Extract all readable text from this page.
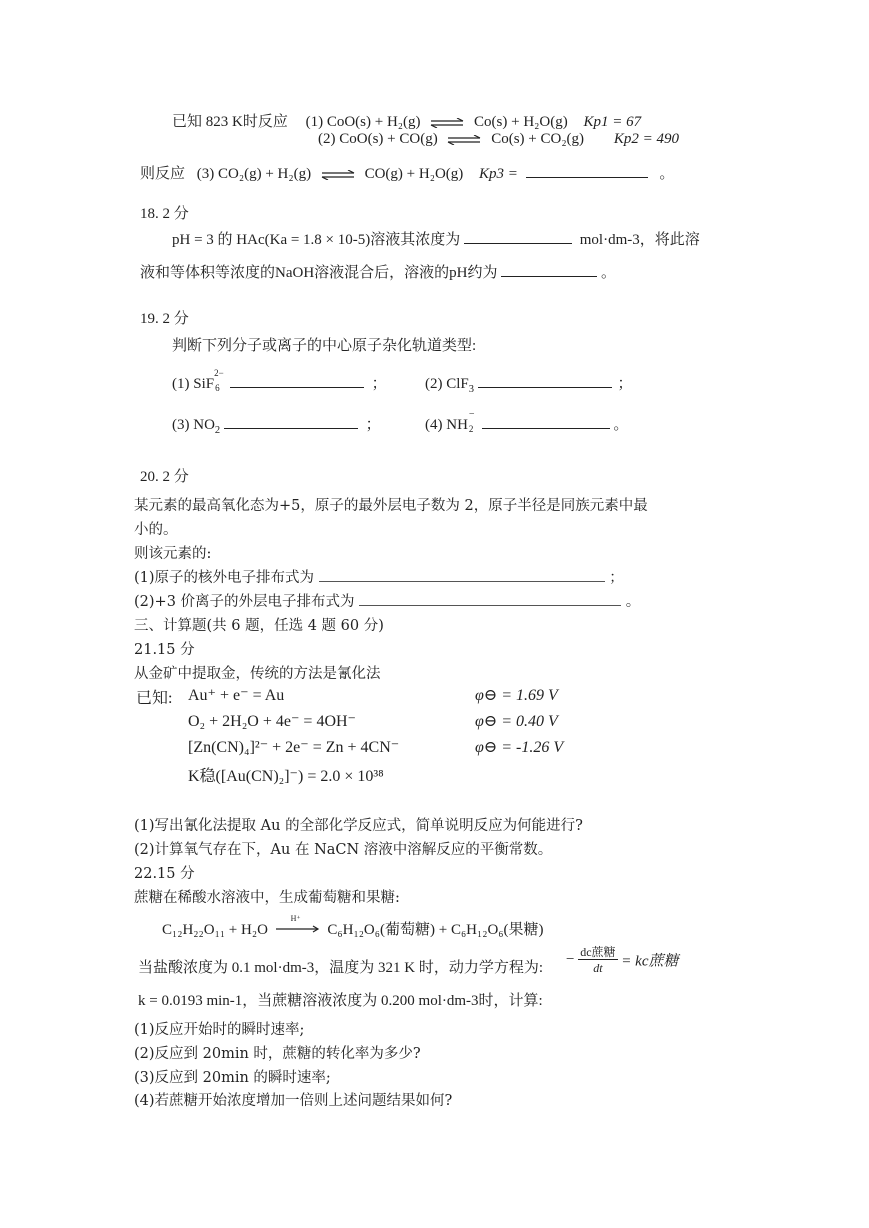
已知 823 K时反应 (1) CoO(s) + H₂(g)	Co(s) + H₂O(g) Kp1 = 67
(2) CoO(s) + CO(g)	Co(s) + CO₂(g) Kp2 = 490
则反应 (3) CO₂(g) + H₂(g)	CO(g) + H₂O(g) Kp3 =	。
18. 2 分
pH = 3 的 HAc(Ka = 1.8 × 10-5)溶液其浓度为	mol·dm-3，将此溶
液和等体积等浓度的NaOH溶液混合后，溶液的pH约为	。
19. 2 分
判断下列分子或离子的中心原子杂化轨道类型:
(1) SiF
2−
6	；	(2) ClF$_3$	；
(3) $NO_2$	；	(4) NH
−
2	。
20. 2 分
某元素的最高氧化态为+5，原子的最外层电子数为 2，原子半径是同族元素中最
小的。
则该元素的:
(1)原子的核外电子排布式为	；
(2)+3 价离子的外层电子排布式为	。
三、计算题(共 6 题，任选 4 题 60 分)
21.15 分
从金矿中提取金，传统的方法是氰化法
已知: Au⁺ + e⁻ = Au	φ⊖ = 1.69 V
O₂ + 2H₂O + 4e⁻ = 4OH⁻	φ⊖ = 0.40 V
[Zn(CN)₄]²⁻ + 2e⁻ = Zn + 4CN⁻	φ⊖ = -1.26 V
K稳([Au(CN)₂]⁻) = 2.0 × 10³⁸
(1)写出氰化法提取 Au 的全部化学反应式，简单说明反应为何能进行?
(2)计算氧气存在下，Au 在 NaCN 溶液中溶解反应的平衡常数。
22.15 分
蔗糖在稀酸水溶液中，生成葡萄糖和果糖:
C₁₂H₂₂O₁₁ + H₂O
H⁺
C₆H₁₂O₆(葡萄糖) + C₆H₁₂O₆(果糖)
当盐酸浓度为 0.1 mol·dm-3，温度为 321 K 时，动力学方程为:
− $\frac{\text{dc蔗糖}}{dt}$ = kc蔗糖
k = 0.0193 min-1，当蔗糖溶液浓度为 0.200 mol·dm-3时，计算:
(1)反应开始时的瞬时速率;
(2)反应到 20min 时，蔗糖的转化率为多少?
(3)反应到 20min 的瞬时速率;
(4)若蔗糖开始浓度增加一倍则上述问题结果如何?
